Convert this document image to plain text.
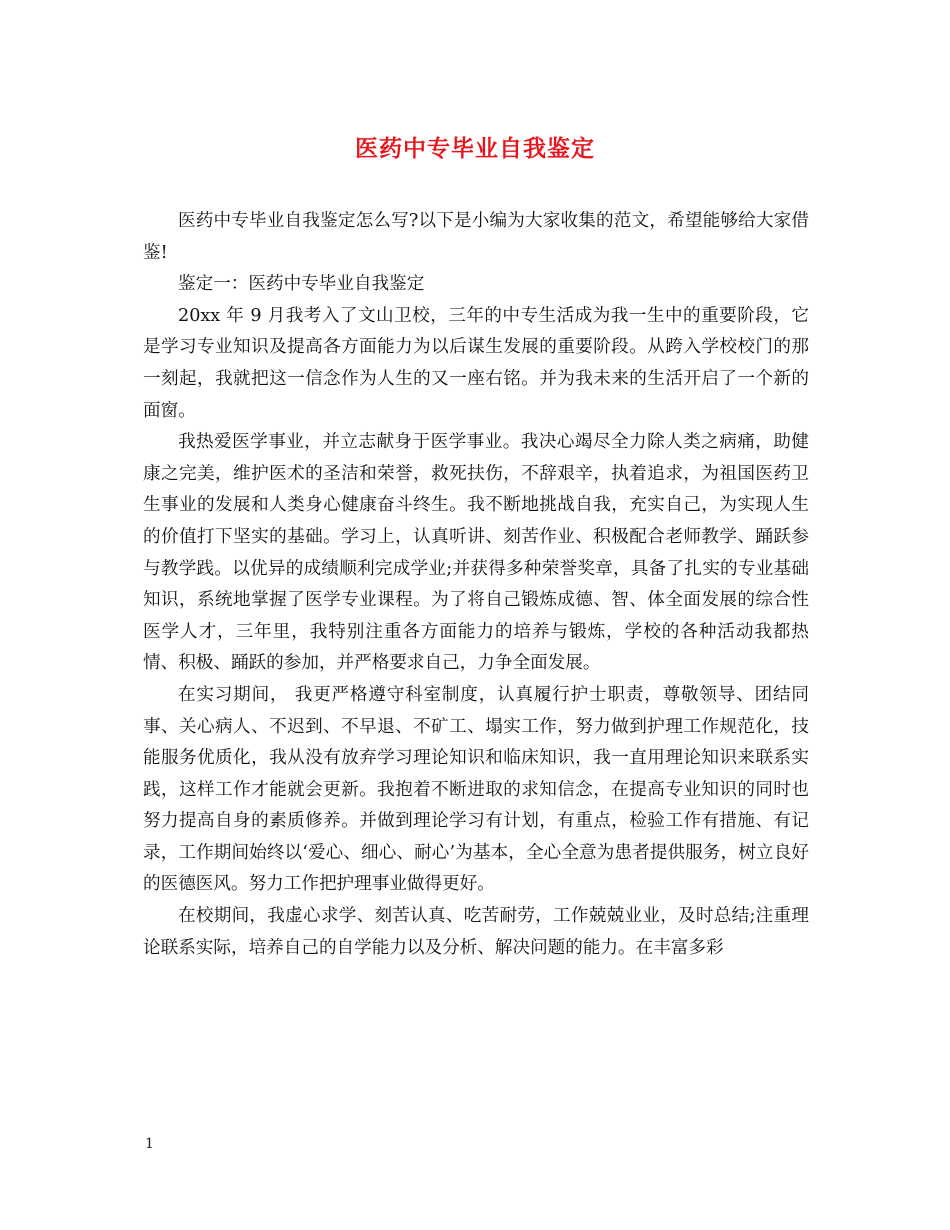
医药中专毕业自我鉴定

医药中专毕业自我鉴定怎么写?以下是小编为大家收集的范文，希望能够给大家借鉴!

鉴定一：医药中专毕业自我鉴定

20xx 年 9 月我考入了文山卫校，三年的中专生活成为我一生中的重要阶段，它是学习专业知识及提高各方面能力为以后谋生发展的重要阶段。从跨入学校校门的那一刻起，我就把这一信念作为人生的又一座右铭。并为我未来的生活开启了一个新的面窗。

我热爱医学事业，并立志献身于医学事业。我决心竭尽全力除人类之病痛，助健康之完美，维护医术的圣洁和荣誉，救死扶伤，不辞艰辛，执着追求，为祖国医药卫生事业的发展和人类身心健康奋斗终生。我不断地挑战自我，充实自己，为实现人生的价值打下坚实的基础。学习上，认真听讲、刻苦作业、积极配合老师教学、踊跃参与教学践。以优异的成绩顺利完成学业;并获得多种荣誉奖章，具备了扎实的专业基础知识，系统地掌握了医学专业课程。为了将自己锻炼成德、智、体全面发展的综合性医学人才，三年里，我特别注重各方面能力的培养与锻炼，学校的各种活动我都热情、积极、踊跃的参加，并严格要求自己，力争全面发展。

在实习期间， 我更严格遵守科室制度，认真履行护士职责，尊敬领导、团结同事、关心病人、不迟到、不早退、不矿工、塌实工作，努力做到护理工作规范化，技能服务优质化，我从没有放弃学习理论知识和临床知识，我一直用理论知识来联系实践，这样工作才能就会更新。我抱着不断进取的求知信念，在提高专业知识的同时也努力提高自身的素质修养。并做到理论学习有计划，有重点，检验工作有措施、有记录，工作期间始终以‘爱心、细心、耐心’为基本，全心全意为患者提供服务，树立良好的医德医风。努力工作把护理事业做得更好。

在校期间，我虚心求学、刻苦认真、吃苦耐劳，工作兢兢业业，及时总结;注重理论联系实际，培养自己的自学能力以及分析、解决问题的能力。在丰富多彩

1
